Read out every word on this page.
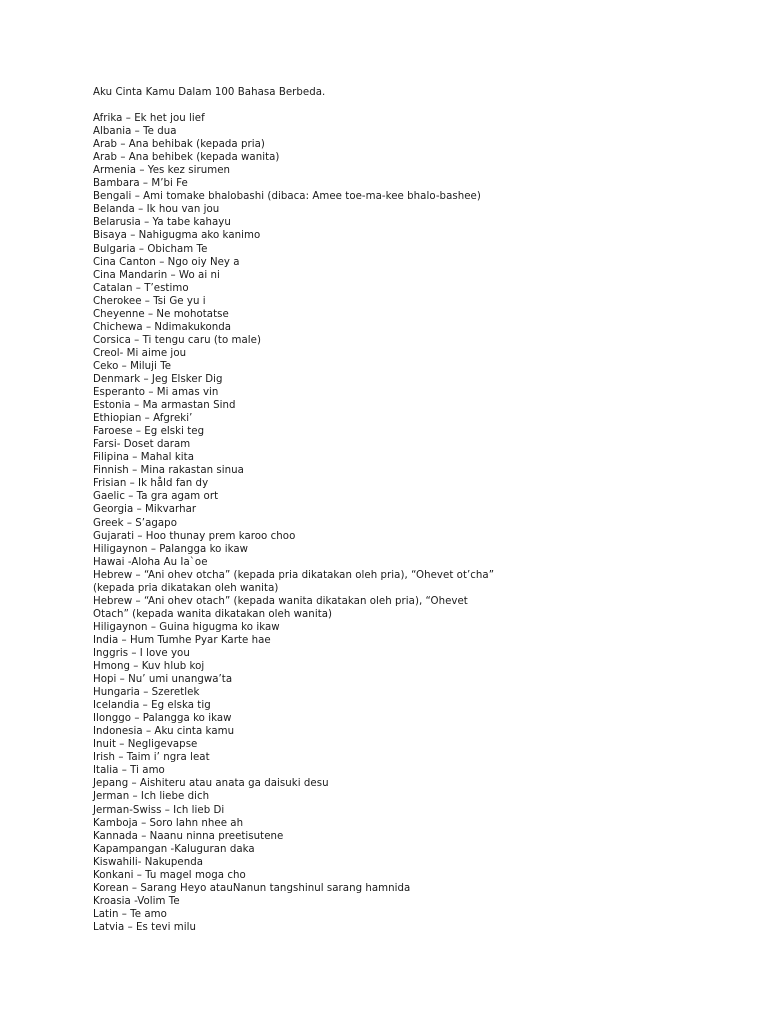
Aku Cinta Kamu Dalam 100 Bahasa Berbeda.

Afrika – Ek het jou lief
Albania – Te dua
Arab – Ana behibak (kepada pria)
Arab – Ana behibek (kepada wanita)
Armenia – Yes kez sirumen
Bambara – M’bi Fe
Bengali – Ami tomake bhalobashi (dibaca: Amee toe-ma-kee bhalo-bashee)
Belanda – Ik hou van jou
Belarusia – Ya tabe kahayu
Bisaya – Nahigugma ako kanimo
Bulgaria – Obicham Te
Cina Canton – Ngo oiy Ney a
Cina Mandarin – Wo ai ni
Catalan – T’estimo
Cherokee – Tsi Ge yu i
Cheyenne – Ne mohotatse
Chichewa – Ndimakukonda
Corsica – Ti tengu caru (to male)
Creol- Mi aime jou
Ceko – Miluji Te
Denmark – Jeg Elsker Dig
Esperanto – Mi amas vin
Estonia – Ma armastan Sind
Ethiopian – Afgreki’
Faroese – Eg elski teg
Farsi- Doset daram
Filipina – Mahal kita
Finnish – Mina rakastan sinua
Frisian – Ik håld fan dy
Gaelic – Ta gra agam ort
Georgia – Mikvarhar
Greek – S’agapo
Gujarati – Hoo thunay prem karoo choo
Hiligaynon – Palangga ko ikaw
Hawai -Aloha Au Ia`oe
Hebrew – “Ani ohev otcha” (kepada pria dikatakan oleh pria), “Ohevet ot’cha” (kepada pria dikatakan oleh wanita)
Hebrew – “Ani ohev otach” (kepada wanita dikatakan oleh pria), “Ohevet Otach” (kepada wanita dikatakan oleh wanita)
Hiligaynon – Guina higugma ko ikaw
India – Hum Tumhe Pyar Karte hae
Inggris – I love you
Hmong – Kuv hlub koj
Hopi – Nu’ umi unangwa’ta
Hungaria – Szeretlek
Icelandia – Eg elska tig
Ilonggo – Palangga ko ikaw
Indonesia – Aku cinta kamu
Inuit – Negligevapse
Irish – Taim i’ ngra leat
Italia – Ti amo
Jepang – Aishiteru atau anata ga daisuki desu
Jerman – Ich liebe dich
Jerman-Swiss – Ich lieb Di
Kamboja – Soro lahn nhee ah
Kannada – Naanu ninna preetisutene
Kapampangan -Kaluguran daka
Kiswahili- Nakupenda
Konkani – Tu magel moga cho
Korean – Sarang Heyo atauNanun tangshinul sarang hamnida
Kroasia -Volim Te
Latin – Te amo
Latvia – Es tevi milu
